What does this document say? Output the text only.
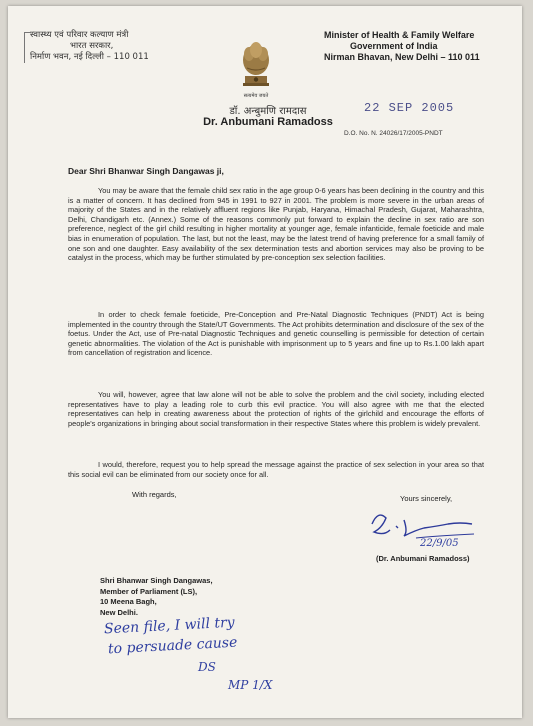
स्वास्थ्य एवं परिवार कल्याण मंत्री
भारत सरकार,
निर्माण भवन, नई दिल्ली – 110 011
सत्यमेव जयते
Minister of Health & Family Welfare
Government of India
Nirman Bhavan, New Delhi – 110 011
डॉ. अन्बुमणि रामदास
Dr. Anbumani Ramadoss
22 SEP 2005
D.O. No. N. 24026/17/2005-PNDT
Dear Shri Bhanwar Singh Dangawas ji,

You may be aware that the female child sex ratio in the age group 0-6 years has been declining in the country and this is a matter of concern. It has declined from 945 in 1991 to 927 in 2001. The problem is more severe in the urban areas of majority of the States and in the relatively affluent regions like Punjab, Haryana, Himachal Pradesh, Gujarat, Maharashtra, Delhi, Chandigarh etc. (Annex.) Some of the reasons commonly put forward to explain the decline in sex ratio are son preference, neglect of the girl child resulting in higher mortality at younger age, female infanticide, female foeticide and male bias in enumeration of population. The last, but not the least, may be the latest trend of having preference for a small family of one son and one daughter. Easy availability of the sex determination tests and abortion services may also be proving to be catalyst in the process, which may be further stimulated by pre-conception sex selection facilities.

In order to check female foeticide, Pre-Conception and Pre-Natal Diagnostic Techniques (PNDT) Act is being implemented in the country through the State/UT Governments. The Act prohibits determination and disclosure of the sex of the foetus. Under the Act, use of Pre-natal Diagnostic Techniques and genetic counselling is permissible for detection of certain genetic abnormalities. The violation of the Act is punishable with imprisonment up to 5 years and fine up to Rs.1.00 lakh apart from cancellation of registration and licence.

You will, however, agree that law alone will not be able to solve the problem and the civil society, including elected representatives have to play a leading role to curb this evil practice. You will also agree with me that the elected representatives can help in creating awareness about the protection of rights of the girlchild and encourage the efforts of people's organizations in bringing about social transformation in their respective States where this problem is widely prevalent.

I would, therefore, request you to help spread the message against the practice of sex selection in your area so that this social evil can be eliminated from our society once for all.

With regards,	Yours sincerely,
22/9/05
(Dr. Anbumani Ramadoss)
Shri Bhanwar Singh Dangawas,
Member of Parliament (LS),
10 Meena Bagh,
New Delhi.
Seen file, I will try
to persuade cause
DS
MP 1/X
